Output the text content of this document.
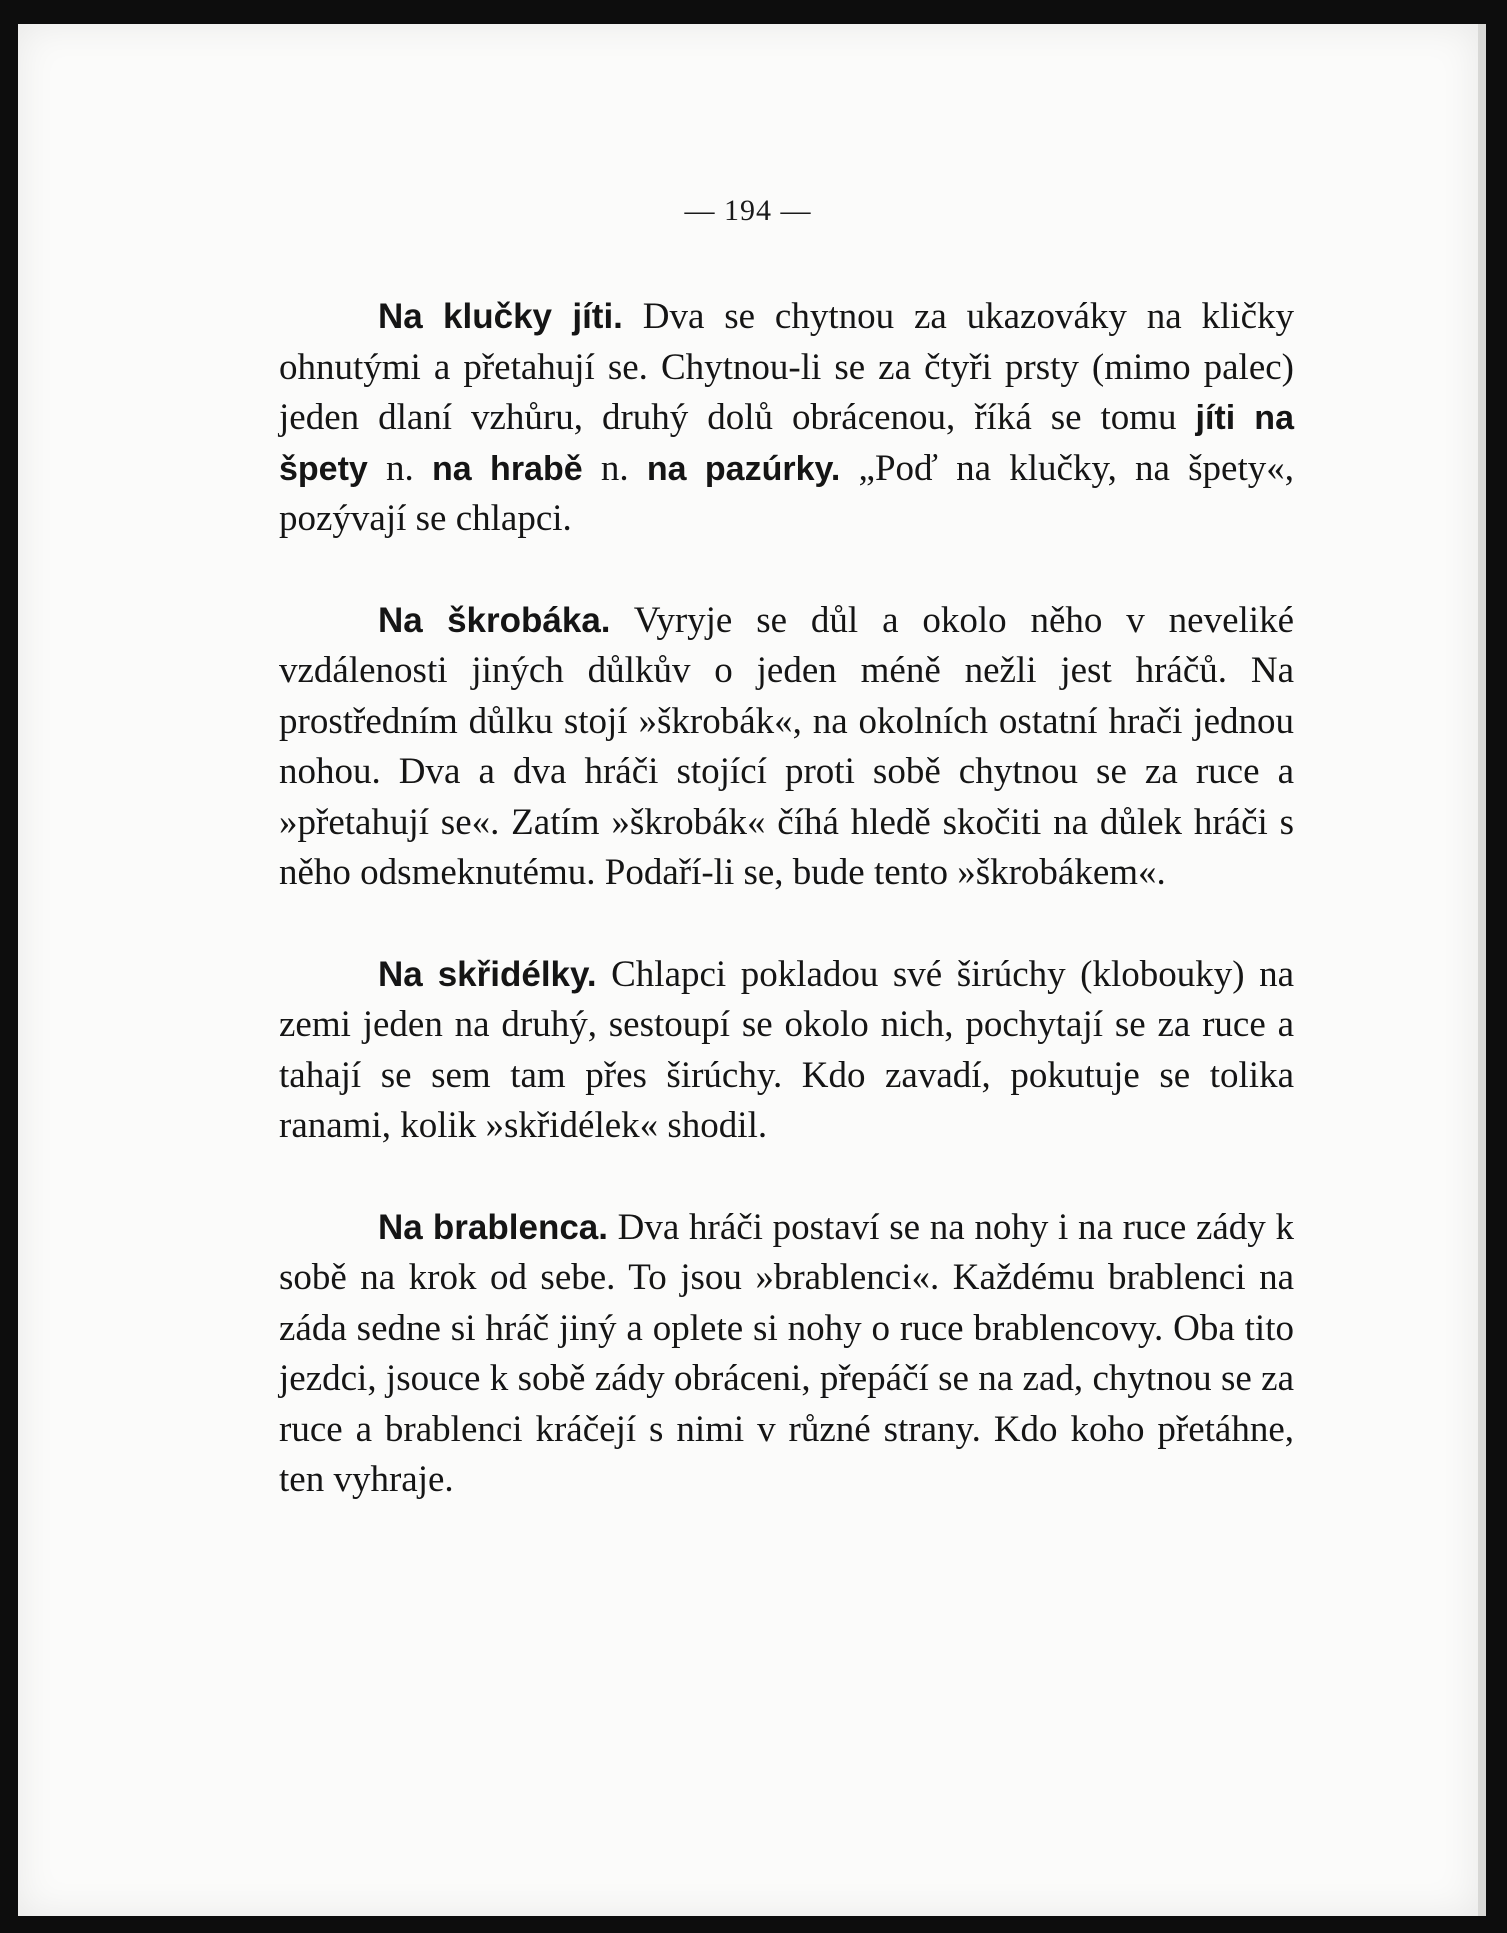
— 194 —

Na klučky jíti. Dva se chytnou za ukazováky na kličky ohnutými a přetahují se. Chytnou-li se za čtyři prsty (mimo palec) jeden dlaní vzhůru, druhý dolů obrácenou, říká se tomu jíti na špety n. na hrabě n. na pazúrky. „Poď na klučky, na špety«, pozývají se chlapci.

Na škrobáka. Vyryje se důl a okolo něho v neveliké vzdálenosti jiných důlkův o jeden méně nežli jest hráčů. Na prostředním důlku stojí »škrobák«, na okolních ostatní hrači jednou nohou. Dva a dva hráči stojící proti sobě chytnou se za ruce a »přetahují se«. Zatím »škrobák« číhá hledě skočiti na důlek hráči s něho odsmeknutému. Podaří-li se, bude tento »škrobákem«.

Na skřidélky. Chlapci pokladou své širúchy (klobouky) na zemi jeden na druhý, sestoupí se okolo nich, pochytají se za ruce a tahají se sem tam přes širúchy. Kdo zavadí, pokutuje se tolika ranami, kolik »skřidélek« shodil.

Na brablenca. Dva hráči postaví se na nohy i na ruce zády k sobě na krok od sebe. To jsou »brablenci«. Každému brablenci na záda sedne si hráč jiný a oplete si nohy o ruce brablencovy. Oba tito jezdci, jsouce k sobě zády obráceni, přepáčí se na zad, chytnou se za ruce a brablenci kráčejí s nimi v různé strany. Kdo koho přetáhne, ten vyhraje.
